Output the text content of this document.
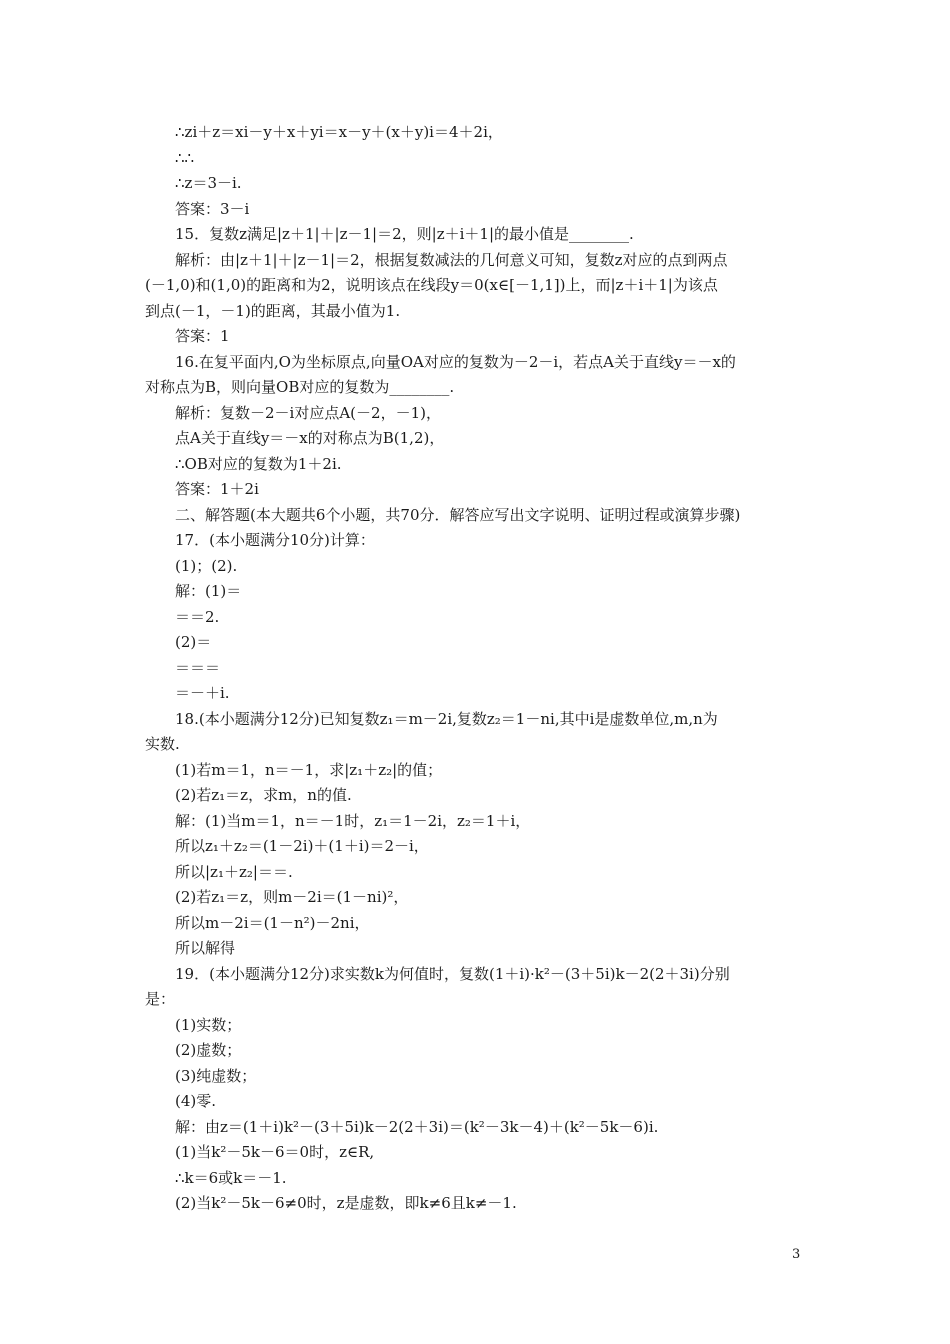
∴zi＋z＝xi－y＋x＋yi＝x－y＋(x＋y)i＝4＋2i，
∴∴
∴z＝3－i.
答案：3－i
15．复数z满足|z＋1|＋|z－1|＝2，则|z＋i＋1|的最小值是________.
解析：由|z＋1|＋|z－1|＝2，根据复数减法的几何意义可知，复数z对应的点到两点
(－1,0)和(1,0)的距离和为2，说明该点在线段y＝0(x∈[－1,1])上，而|z＋i＋1|为该点
到点(－1，－1)的距离，其最小值为1.
答案：1
16.在复平面内,O为坐标原点,向量OA对应的复数为－2－i，若点A关于直线y＝－x的
对称点为B，则向量OB对应的复数为________.
解析：复数－2－i对应点A(－2，－1)，
点A关于直线y＝－x的对称点为B(1,2)，
∴OB对应的复数为1＋2i.
答案：1＋2i
二、解答题(本大题共6个小题，共70分．解答应写出文字说明、证明过程或演算步骤)
17．(本小题满分10分)计算：
(1)；(2).
解：(1)＝
＝＝2.
(2)＝
＝＝＝
＝－＋i.
18.(本小题满分12分)已知复数z₁＝m－2i,复数z₂＝1－ni,其中i是虚数单位,m,n为
实数.
(1)若m＝1，n＝－1，求|z₁＋z₂|的值；
(2)若z₁＝z，求m，n的值.
解：(1)当m＝1，n＝－1时，z₁＝1－2i，z₂＝1＋i，
所以z₁＋z₂＝(1－2i)＋(1＋i)＝2－i，
所以|z₁＋z₂|＝＝.
(2)若z₁＝z，则m－2i＝(1－ni)²，
所以m－2i＝(1－n²)－2ni，
所以解得
19．(本小题满分12分)求实数k为何值时，复数(1＋i)·k²－(3＋5i)k－2(2＋3i)分别
是：
(1)实数；
(2)虚数；
(3)纯虚数；
(4)零.
解：由z＝(1＋i)k²－(3＋5i)k－2(2＋3i)＝(k²－3k－4)＋(k²－5k－6)i.
(1)当k²－5k－6＝0时，z∈R,
∴k＝6或k＝－1.
(2)当k²－5k－6≠0时，z是虚数，即k≠6且k≠－1.
3
